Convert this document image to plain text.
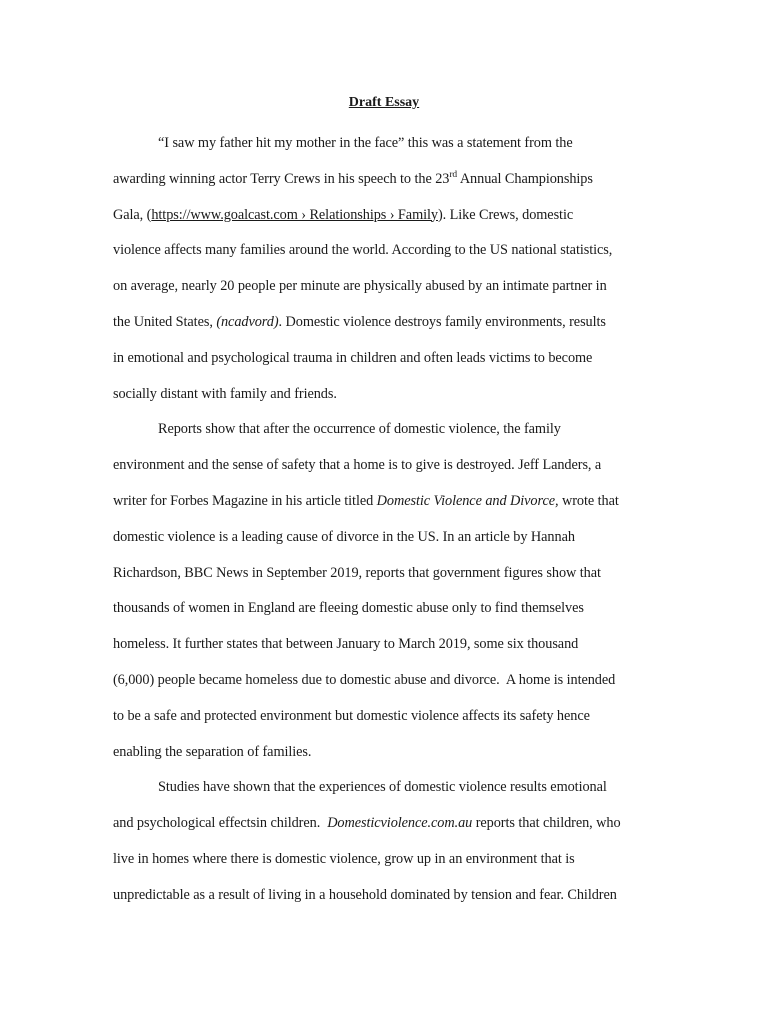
Draft Essay
“I saw my father hit my mother in the face” this was a statement from the
awarding winning actor Terry Crews in his speech to the 23rd Annual Championships
Gala, (https://www.goalcast.com › Relationships › Family). Like Crews, domestic
violence affects many families around the world. According to the US national statistics,
on average, nearly 20 people per minute are physically abused by an intimate partner in
the United States, (ncadvord). Domestic violence destroys family environments, results
in emotional and psychological trauma in children and often leads victims to become
socially distant with family and friends.
Reports show that after the occurrence of domestic violence, the family
environment and the sense of safety that a home is to give is destroyed. Jeff Landers, a
writer for Forbes Magazine in his article titled Domestic Violence and Divorce, wrote that
domestic violence is a leading cause of divorce in the US. In an article by Hannah
Richardson, BBC News in September 2019, reports that government figures show that
thousands of women in England are fleeing domestic abuse only to find themselves
homeless. It further states that between January to March 2019, some six thousand
(6,000) people became homeless due to domestic abuse and divorce.  A home is intended
to be a safe and protected environment but domestic violence affects its safety hence
enabling the separation of families.
Studies have shown that the experiences of domestic violence results emotional
and psychological effectsin children.  Domesticviolence.com.au reports that children, who
live in homes where there is domestic violence, grow up in an environment that is
unpredictable as a result of living in a household dominated by tension and fear. Children
